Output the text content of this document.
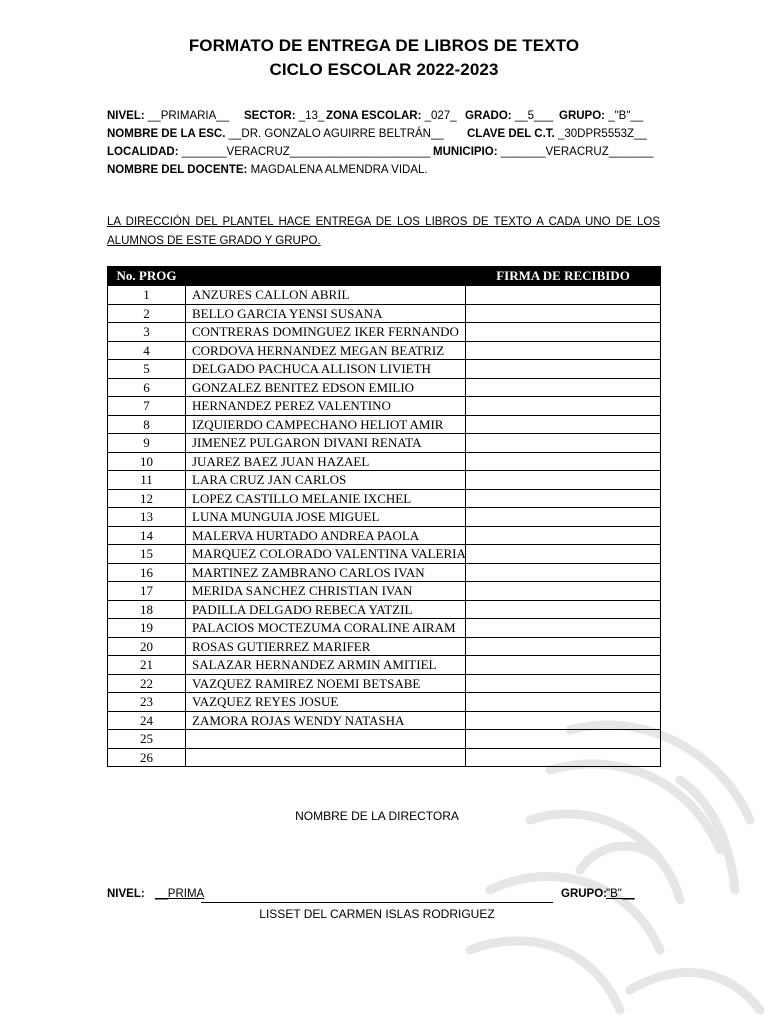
FORMATO DE ENTREGA DE LIBROS DE TEXTO
CICLO ESCOLAR 2022-2023
NIVEL: __PRIMARIA__ SECTOR: _13_ ZONA ESCOLAR: _027_ GRADO: __5___ GRUPO: _"B"__
NOMBRE DE LA ESC. __DR. GONZALO AGUIRRE BELTRÁN__ CLAVE DEL C.T. _30DPR5553Z__
LOCALIDAD: _______VERACRUZ______________________ MUNICIPIO: _______VERACRUZ_______
NOMBRE DEL DOCENTE: MAGDALENA ALMENDRA VIDAL.
LA DIRECCIÓN DEL PLANTEL HACE ENTREGA DE LOS LIBROS DE TEXTO A CADA UNO DE LOS ALUMNOS DE ESTE GRADO Y GRUPO.
No. PROG		FIRMA DE RECIBIDO
1	ANZURES CALLON ABRIL	
2	BELLO GARCIA YENSI SUSANA	
3	CONTRERAS DOMINGUEZ IKER FERNANDO	
4	CORDOVA HERNANDEZ MEGAN BEATRIZ	
5	DELGADO PACHUCA ALLISON LIVIETH	
6	GONZALEZ BENITEZ EDSON EMILIO	
7	HERNANDEZ PEREZ VALENTINO	
8	IZQUIERDO CAMPECHANO HELIOT AMIR	
9	JIMENEZ PULGARON DIVANI RENATA	
10	JUAREZ BAEZ JUAN HAZAEL	
11	LARA CRUZ JAN CARLOS	
12	LOPEZ CASTILLO MELANIE IXCHEL	
13	LUNA MUNGUIA JOSE MIGUEL	
14	MALERVA HURTADO ANDREA PAOLA	
15	MARQUEZ COLORADO VALENTINA VALERIA	
16	MARTINEZ ZAMBRANO CARLOS IVAN	
17	MERIDA SANCHEZ CHRISTIAN IVAN	
18	PADILLA DELGADO REBECA YATZIL	
19	PALACIOS MOCTEZUMA CORALINE AIRAM	
20	ROSAS GUTIERREZ MARIFER	
21	SALAZAR HERNANDEZ ARMIN AMITIEL	
22	VAZQUEZ RAMIREZ NOEMI BETSABE	
23	VAZQUEZ REYES JOSUE	
24	ZAMORA ROJAS WENDY NATASHA	
25		
26		
NOMBRE DE LA DIRECTORA
NIVEL: __PRIMA	GRUPO: "B"__
LISSET DEL CARMEN ISLAS RODRIGUEZ
